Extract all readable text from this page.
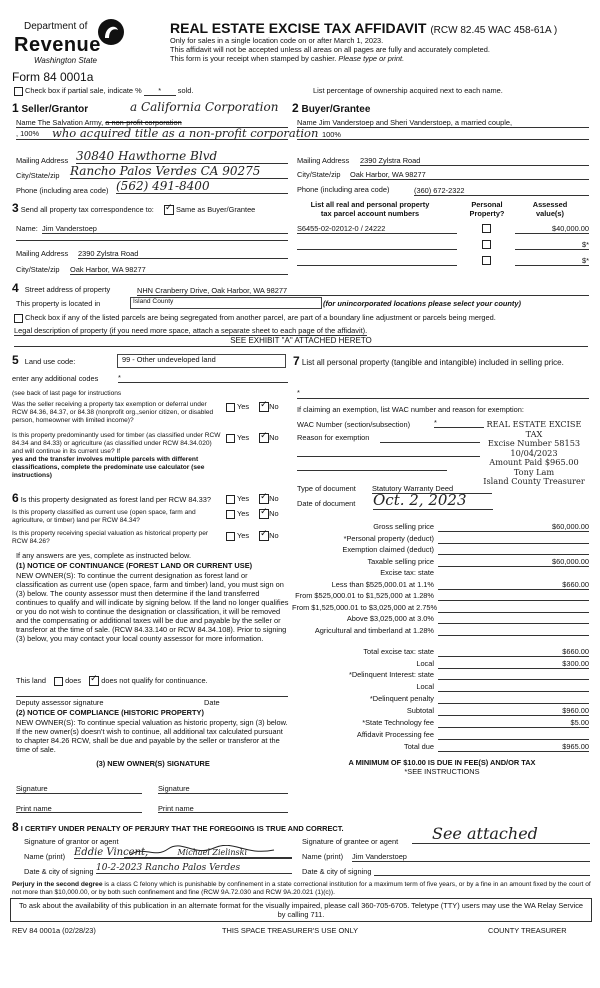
Department of
Revenue
Washington State
Form 84 0001a
REAL ESTATE EXCISE TAX AFFIDAVIT (RCW 82.45 WAC 458-61A )
Only for sales in a single location code on or after March 1, 2023.
This affidavit will not be accepted unless all areas on all pages are fully and accurately completed.
This form is your receipt when stamped by cashier. Please type or print.
Check box if partial sale, indicate % * sold.	List percentage of ownership acquired next to each name.
1 Seller/Grantor	a California Corporation
Name The Salvation Army, a non-profit corporation
, 100% who acquired title as a non-profit corporation
Mailing Address 30840 Hawthorne Blvd
City/State/zip Rancho Palos Verdes CA 90275
Phone (including area code) (562) 491-8400
2 Buyer/Grantee
Name Jim Vanderstoep and Sheri Vanderstoep, a married couple,
100%
Mailing Address 2390 Zylstra Road
City/State/zip Oak Harbor, WA 98277
Phone (including area code)	(360) 672-2322
3 Send all property tax correspondence to: ✓	Same as Buyer/Grantee
Name: Jim Vanderstoep
Mailing Address 2390 Zylstra Road
City/State/zip Oak Harbor, WA 98277
List all real and personal property tax parcel account numbers
Personal Property?
Assessed value(s)
S6455-02-02012-0 / 24222	$40,000.00
$*
$*
4 Street address of property	NHN Cranberry Drive, Oak Harbor, WA 98277
This property is located in	Island County	(for unincorporated locations please select your county)
Check box if any of the listed parcels are being segregated from another parcel, are part of a boundary line adjustment or parcels being merged.
Legal description of property (if you need more space, attach a separate sheet to each page of the affidavit).
SEE EXHIBIT "A" ATTACHED HERETO
5 Land use code:	99 - Other undeveloped land
enter any additional codes	*
(see back of last page for instructions
Was the seller receiving a property tax exemption or deferral under RCW 84.36, 84.37, or 84.38 (nonprofit org.,senior citizen, or disabled person, homeowner with limited income)?
Yes ✓	No
Is this property predominantly used for timber (as classified under RCW 84.34 and 84.33) or agriculture (as classified under RCW 84.34.020) and will continue in its current use? If
yes and the transfer involves multiple parcels with different classifications, complete the predominate use calculator (see instructions)
Yes ✓	No
6 Is this property designated as forest land per RCW 84.33?	Yes ✓	No
Is this property classified as current use (open space, farm and agriculture, or timber) land per RCW 84.34?
Yes ✓	No
Is this property receiving special valuation as historical property per RCW 84.26?
Yes ✓	No
If any answers are yes, complete as instructed below.
(1) NOTICE OF CONTINUANCE (FOREST LAND OR CURRENT USE)
NEW OWNER(S): To continue the current designation as forest land or classification as current use (open space, farm and timber) land, you must sign on (3) below. The county assessor must then determine if the land transferred continues to qualify and will indicate by signing below. If the land no longer qualifies or you do not wish to continue the designation or classification, it will be removed and the compensating or additional taxes will be due and payable by the seller or transferor at the time of sale. (RCW 84.33.140 or RCW 84.34.108). Prior to signing (3) below, you may contact your local county assessor for more information.
This land	does ✓	does not qualify for continuance.
Deputy assessor signature	Date
(2) NOTICE OF COMPLIANCE (HISTORIC PROPERTY)
NEW OWNER(S): To continue special valuation as historic property, sign (3) below. If the new owner(s) doesn't wish to continue, all additional tax calculated pursuant to chapter 84.26 RCW, shall be due and payable by the seller or transferor at the time of sale.
(3) NEW OWNER(S) SIGNATURE
Signature	Signature
Print name	Print name
7 List all personal property (tangible and intangible) included in selling price.
*
If claiming an exemption, list WAC number and reason for exemption:
WAC Number (section/subsection)	*
Reason for exemption
REAL ESTATE EXCISE TAX
Excise Number 58153
10/04/2023
Amount Paid $965.00
Tony Lam
Island County Treasurer
Type of document Statutory Warranty Deed
Date of document Oct. 2, 2023
Gross selling price	$60,000.00
*Personal property (deduct)
Exemption claimed (deduct)
Taxable selling price	$60,000.00
Excise tax: state
Less than $525,000.01 at 1.1%	$660.00
From $525,000.01 to $1,525,000 at 1.28%
From $1,525,000.01 to $3,025,000 at 2.75%
Above $3,025,000 at 3.0%
Agricultural and timberland at 1.28%
Total excise tax: state	$660.00
Local	$300.00
*Delinquent Interest: state
Local
*Delinquent penalty
Subtotal	$960.00
*State Technology fee	$5.00
Affidavit Processing fee
Total due	$965.00
A MINIMUM OF $10.00 IS DUE IN FEE(S) AND/OR TAX
*SEE INSTRUCTIONS
8 I CERTIFY UNDER PENALTY OF PERJURY THAT THE FOREGOING IS TRUE AND CORRECT.
Signature of grantor or agent
Name (print) Eddie Vincent,	Michael Zielinski
Date & city of signing 10-2-2023 Rancho Palos Verdes
Signature of grantee or agent	See attached
Name (print) Jim Vanderstoep
Date & city of signing
Perjury in the second degree is a class C felony which is punishable by confinement in a state correctional institution for a maximum term of five years, or by a fine in an amount fixed by the court of not more than $10,000.00, or by both such confinement and fine (RCW 9A.72.030 and RCW 9A.20.021 (1)(c)).
To ask about the availability of this publication in an alternate format for the visually impaired, please call 360-705-6705. Teletype (TTY) users may use the WA Relay Service by calling 711.
REV 84 0001a (02/28/23)	THIS SPACE TREASURER'S USE ONLY	COUNTY TREASURER
